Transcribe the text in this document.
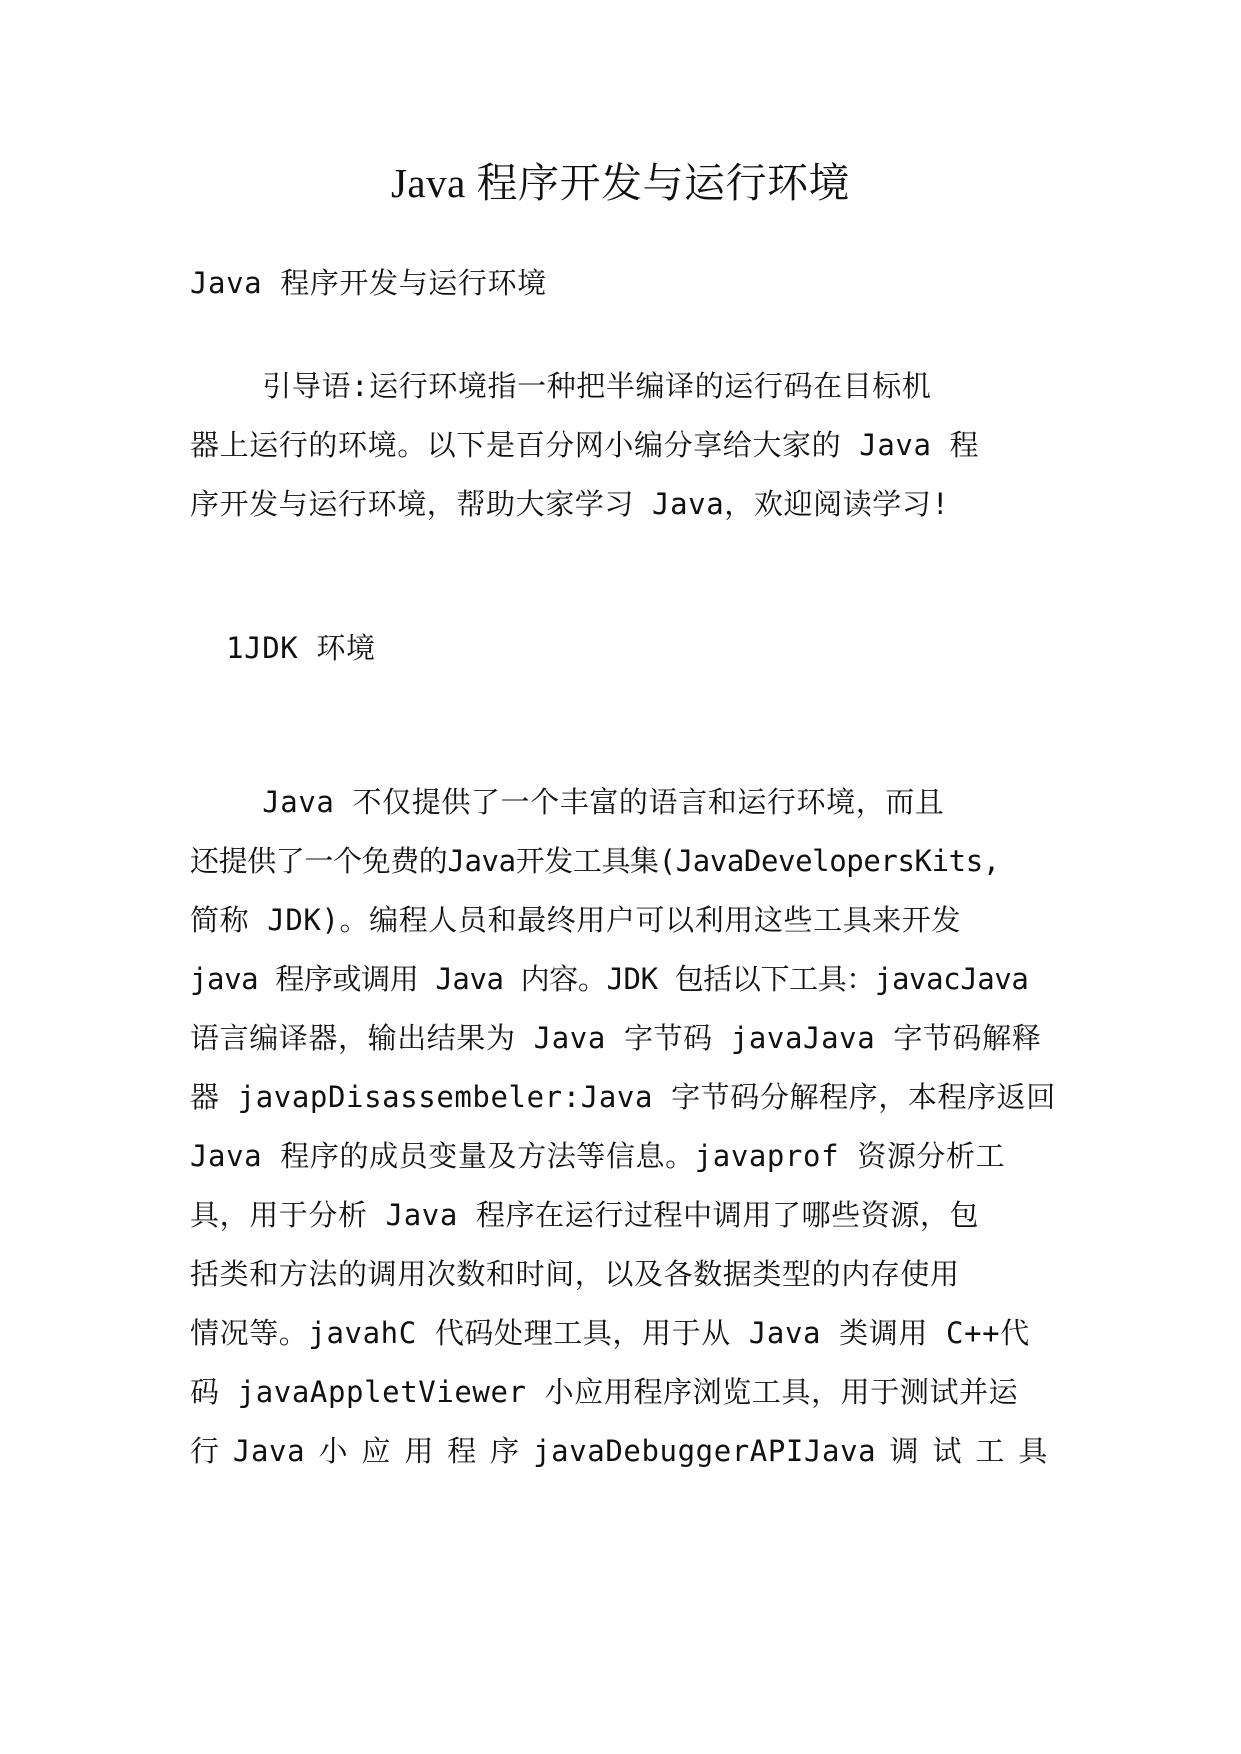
Java 程序开发与运行环境

Java 程序开发与运行环境

引导语:运行环境指一种把半编译的运行码在目标机
器上运行的环境。以下是百分网小编分享给大家的 Java 程
序开发与运行环境，帮助大家学习 Java，欢迎阅读学习!

1JDK 环境

Java 不仅提供了一个丰富的语言和运行环境，而且
还提供了一个免费的Java开发工具集(JavaDevelopersKits,
简称 JDK)。编程人员和最终用户可以利用这些工具来开发
java 程序或调用 Java 内容。JDK 包括以下工具：javacJava
语言编译器，输出结果为 Java 字节码 javaJava 字节码解释
器 javapDisassembeler:Java 字节码分解程序，本程序返回
Java 程序的成员变量及方法等信息。javaprof 资源分析工
具，用于分析 Java 程序在运行过程中调用了哪些资源，包
括类和方法的调用次数和时间，以及各数据类型的内存使用
情况等。javahC 代码处理工具，用于从 Java 类调用 C++代
码 javaAppletViewer 小应用程序浏览工具，用于测试并运
行 Java 小 应 用 程 序 javaDebuggerAPIJava 调 试 工 具
